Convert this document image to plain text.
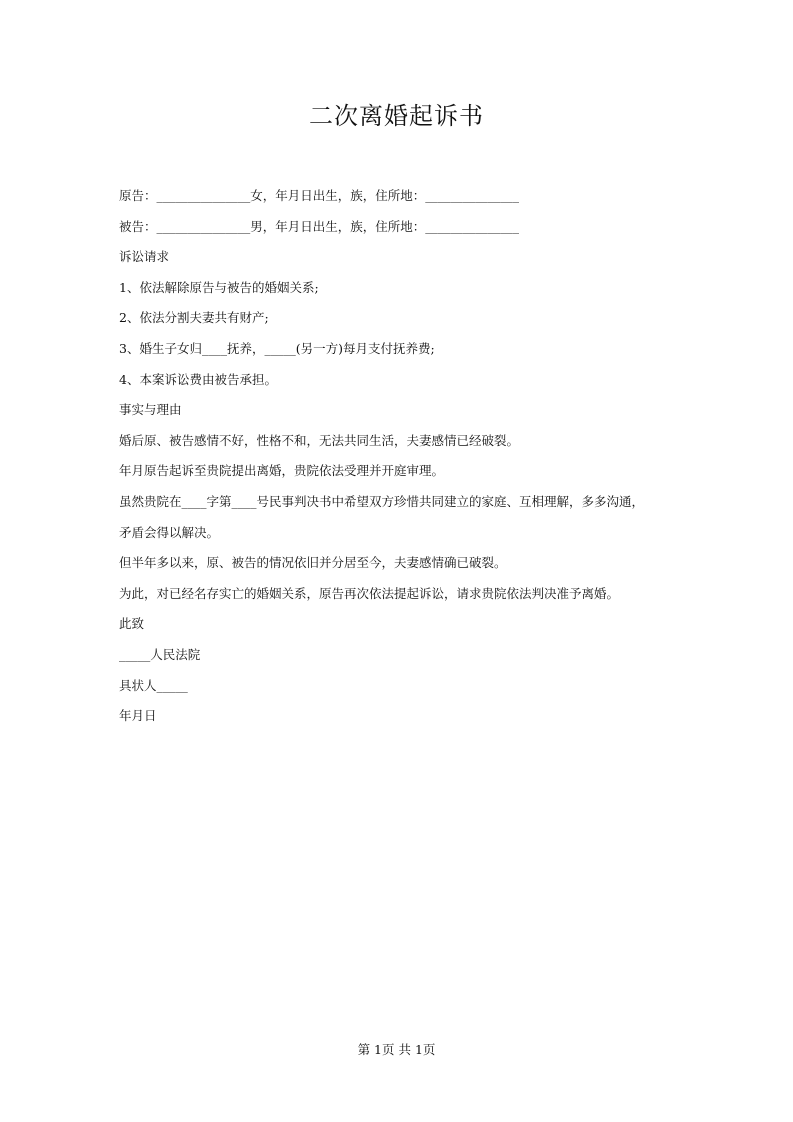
二次离婚起诉书
原告：_______________女，年月日出生，族，住所地：_______________
被告：_______________男，年月日出生，族，住所地：_______________
诉讼请求
1、依法解除原告与被告的婚姻关系;
2、依法分割夫妻共有财产;
3、婚生子女归____抚养，_____(另一方)每月支付抚养费;
4、本案诉讼费由被告承担。
事实与理由
婚后原、被告感情不好，性格不和，无法共同生活，夫妻感情已经破裂。
年月原告起诉至贵院提出离婚，贵院依法受理并开庭审理。
虽然贵院在____字第____号民事判决书中希望双方珍惜共同建立的家庭、互相理解，多多沟通，
矛盾会得以解决。
但半年多以来，原、被告的情况依旧并分居至今，夫妻感情确已破裂。
为此，对已经名存实亡的婚姻关系，原告再次依法提起诉讼，请求贵院依法判决准予离婚。
此致
_____人民法院
具状人_____
年月日
第 1页 共 1页
